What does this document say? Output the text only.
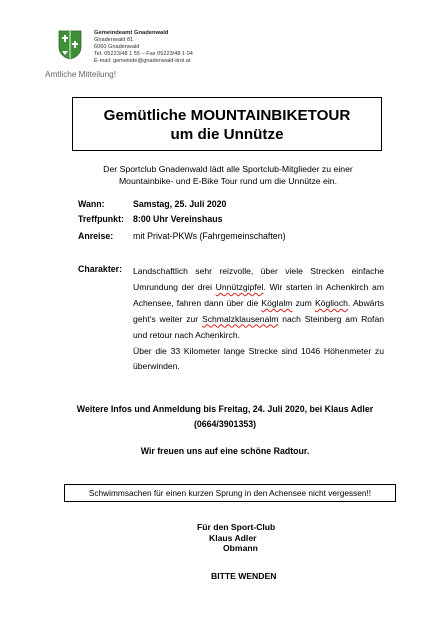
Gemeindeamt Gnadenwald
Gnadenwald 81
6060 Gnadenwald
Tel. 05223/48 1 55 – Fax 05223/48 1 04
E-mail: gemeinde@gnadenwald-tirol.at
Amtliche Mitteilung!
Gemütliche MOUNTAINBIKETOUR
um die Unnütze
Der Sportclub Gnadenwald lädt alle Sportclub-Mitglieder zu einer Mountainbike- und E-Bike Tour rund um die Unnütze ein.
Wann:	Samstag, 25. Juli 2020
Treffpunkt: 8:00 Uhr Vereinshaus
Anreise: mit Privat-PKWs (Fahrgemeinschaften)
Charakter: Landschaftlich sehr reizvolle, über viele Strecken einfache Umrundung der drei Unnützgipfel. Wir starten in Achenkirch am Achensee, fahren dann über die Köglalm zum Köglioch. Abwärts geht's weiter zur Schmalzklausenalm nach Steinberg am Rofan und retour nach Achenkirch.
Über die 33 Kilometer lange Strecke sind 1046 Höhenmeter zu überwinden.
Weitere Infos und Anmeldung bis Freitag, 24. Juli 2020, bei Klaus Adler
(0664/3901353)
Wir freuen uns auf eine schöne Radtour.
Schwimmsachen für einen kurzen Sprung in den Achensee nicht vergessen!!
Für den Sport-Club
Klaus Adler
Obmann
BITTE WENDEN
